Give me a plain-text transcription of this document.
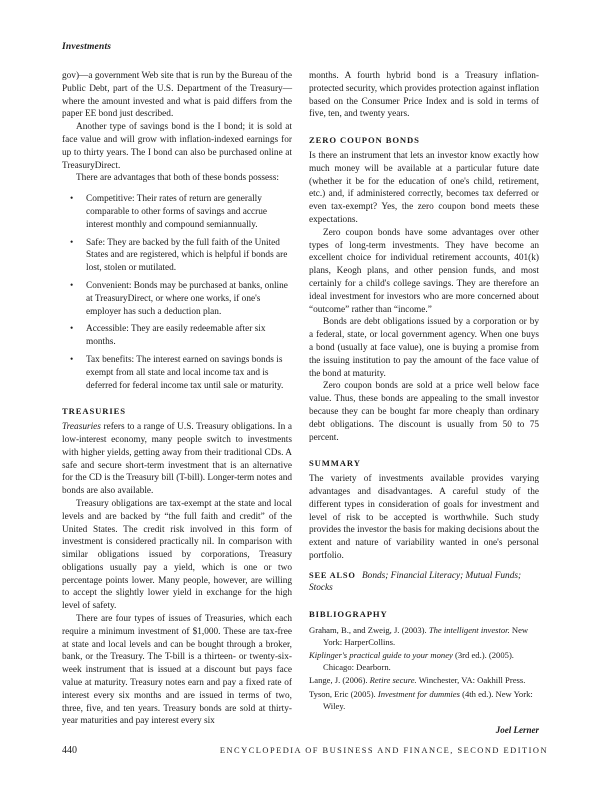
Investments

gov)—a government Web site that is run by the Bureau of the Public Debt, part of the U.S. Department of the Treasury—where the amount invested and what is paid differs from the paper EE bond just described.

Another type of savings bond is the I bond; it is sold at face value and will grow with inflation-indexed earnings for up to thirty years. The I bond can also be purchased online at TreasuryDirect.

There are advantages that both of these bonds possess:

• Competitive: Their rates of return are generally comparable to other forms of savings and accrue interest monthly and compound semiannually.
• Safe: They are backed by the full faith of the United States and are registered, which is helpful if bonds are lost, stolen or mutilated.
• Convenient: Bonds may be purchased at banks, online at TreasuryDirect, or where one works, if one's employer has such a deduction plan.
• Accessible: They are easily redeemable after six months.
• Tax benefits: The interest earned on savings bonds is exempt from all state and local income tax and is deferred for federal income tax until sale or maturity.
TREASURIES

Treasuries refers to a range of U.S. Treasury obligations. In a low-interest economy, many people switch to investments with higher yields, getting away from their traditional CDs. A safe and secure short-term investment that is an alternative for the CD is the Treasury bill (T-bill). Longer-term notes and bonds are also available.

Treasury obligations are tax-exempt at the state and local levels and are backed by “the full faith and credit” of the United States. The credit risk involved in this form of investment is considered practically nil. In comparison with similar obligations issued by corporations, Treasury obligations usually pay a yield, which is one or two percentage points lower. Many people, however, are willing to accept the slightly lower yield in exchange for the high level of safety.

There are four types of issues of Treasuries, which each require a minimum investment of $1,000. These are tax-free at state and local levels and can be bought through a broker, bank, or the Treasury. The T-bill is a thirteen- or twenty-six-week instrument that is issued at a discount but pays face value at maturity. Treasury notes earn and pay a fixed rate of interest every six months and are issued in terms of two, three, five, and ten years. Treasury bonds are sold at thirty-year maturities and pay interest every six

months. A fourth hybrid bond is a Treasury inflation-protected security, which provides protection against inflation based on the Consumer Price Index and is sold in terms of five, ten, and twenty years.

ZERO COUPON BONDS

Is there an instrument that lets an investor know exactly how much money will be available at a particular future date (whether it be for the education of one's child, retirement, etc.) and, if administered correctly, becomes tax deferred or even tax-exempt? Yes, the zero coupon bond meets these expectations.

Zero coupon bonds have some advantages over other types of long-term investments. They have become an excellent choice for individual retirement accounts, 401(k) plans, Keogh plans, and other pension funds, and most certainly for a child's college savings. They are therefore an ideal investment for investors who are more concerned about “outcome” rather than “income.”

Bonds are debt obligations issued by a corporation or by a federal, state, or local government agency. When one buys a bond (usually at face value), one is buying a promise from the issuing institution to pay the amount of the face value of the bond at maturity.

Zero coupon bonds are sold at a price well below face value. Thus, these bonds are appealing to the small investor because they can be bought far more cheaply than ordinary debt obligations. The discount is usually from 50 to 75 percent.

SUMMARY

The variety of investments available provides varying advantages and disadvantages. A careful study of the different types in consideration of goals for investment and level of risk to be accepted is worthwhile. Such study provides the investor the basis for making decisions about the extent and nature of variability wanted in one's personal portfolio.

SEE ALSO Bonds; Financial Literacy; Mutual Funds; Stocks
BIBLIOGRAPHY
Graham, B., and Zweig, J. (2003). The intelligent investor. New York: HarperCollins.
Kiplinger's practical guide to your money (3rd ed.). (2005). Chicago: Dearborn.
Lange, J. (2006). Retire secure. Winchester, VA: Oakhill Press.
Tyson, Eric (2005). Investment for dummies (4th ed.). New York: Wiley.
Joel Lerner
440	ENCYCLOPEDIA OF BUSINESS AND FINANCE, SECOND EDITION
